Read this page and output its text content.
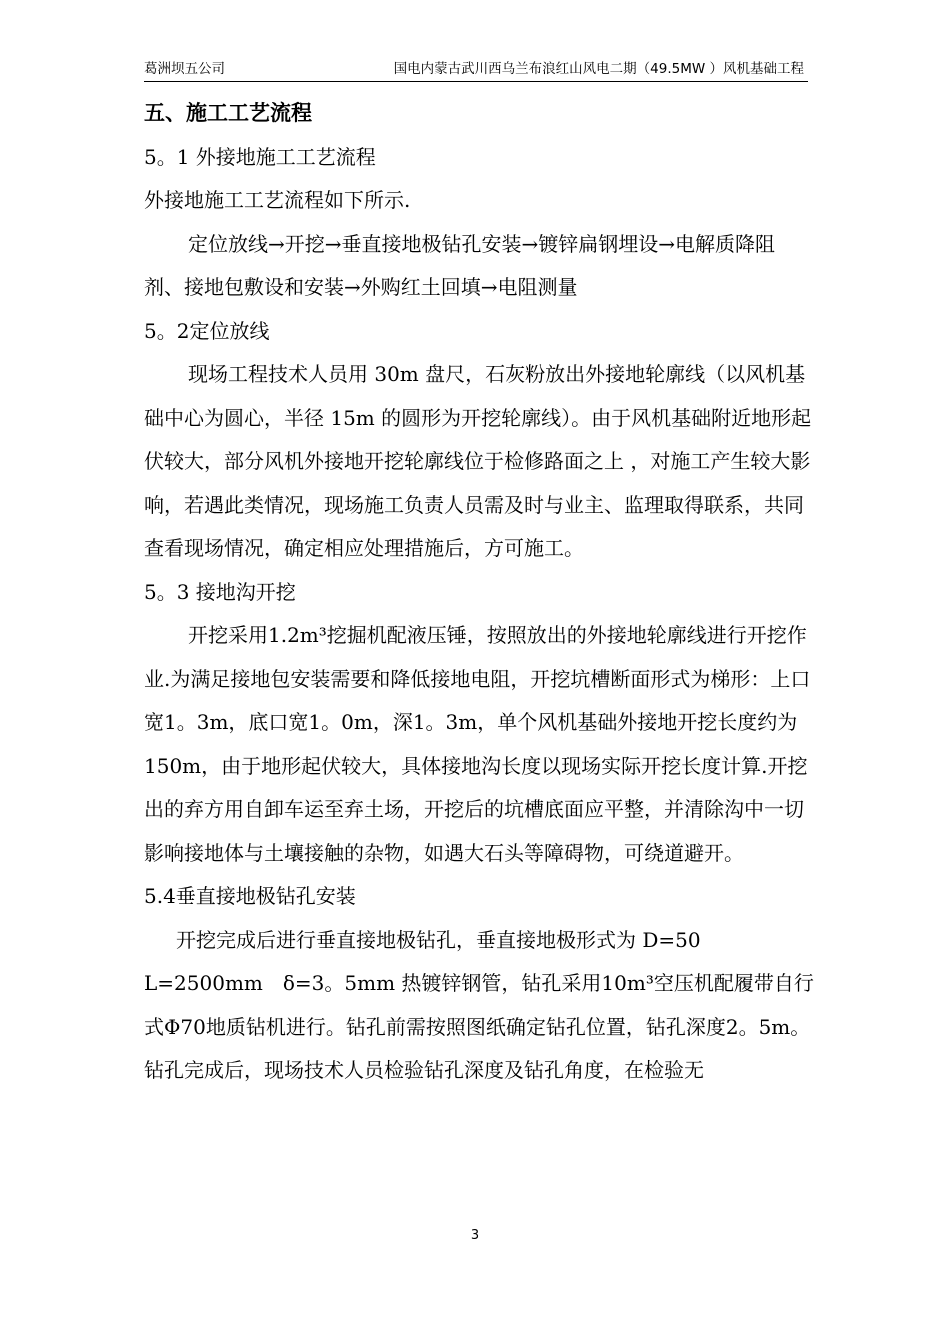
葛洲坝五公司	国电内蒙古武川西乌兰布浪红山风电二期（49.5MW ）风机基础工程

五、施工工艺流程

5。1 外接地施工工艺流程

外接地施工工艺流程如下所示.

定位放线→开挖→垂直接地极钻孔安装→镀锌扁钢埋设→电解质降阻剂、接地包敷设和安装→外购红土回填→电阻测量

5。2定位放线

现场工程技术人员用 30m 盘尺，石灰粉放出外接地轮廓线（以风机基础中心为圆心，半径 15m 的圆形为开挖轮廓线）。由于风机基础附近地形起伏较大，部分风机外接地开挖轮廓线位于检修路面之上 ，对施工产生较大影响，若遇此类情况，现场施工负责人员需及时与业主、监理取得联系，共同查看现场情况，确定相应处理措施后，方可施工。

5。3 接地沟开挖

开挖采用1.2m³挖掘机配液压锤，按照放出的外接地轮廓线进行开挖作业.为满足接地包安装需要和降低接地电阻，开挖坑槽断面形式为梯形：上口宽1。3m，底口宽1。0m，深1。3m，单个风机基础外接地开挖长度约为150m，由于地形起伏较大，具体接地沟长度以现场实际开挖长度计算.开挖出的弃方用自卸车运至弃土场，开挖后的坑槽底面应平整，并清除沟中一切影响接地体与土壤接触的杂物，如遇大石头等障碍物，可绕道避开。

5.4垂直接地极钻孔安装

开挖完成后进行垂直接地极钻孔，垂直接地极形式为 D=50 L=2500mm　δ=3。5mm 热镀锌钢管，钻孔采用10m³空压机配履带自行式Φ70地质钻机进行。钻孔前需按照图纸确定钻孔位置，钻孔深度2。5m。钻孔完成后，现场技术人员检验钻孔深度及钻孔角度，在检验无

3
